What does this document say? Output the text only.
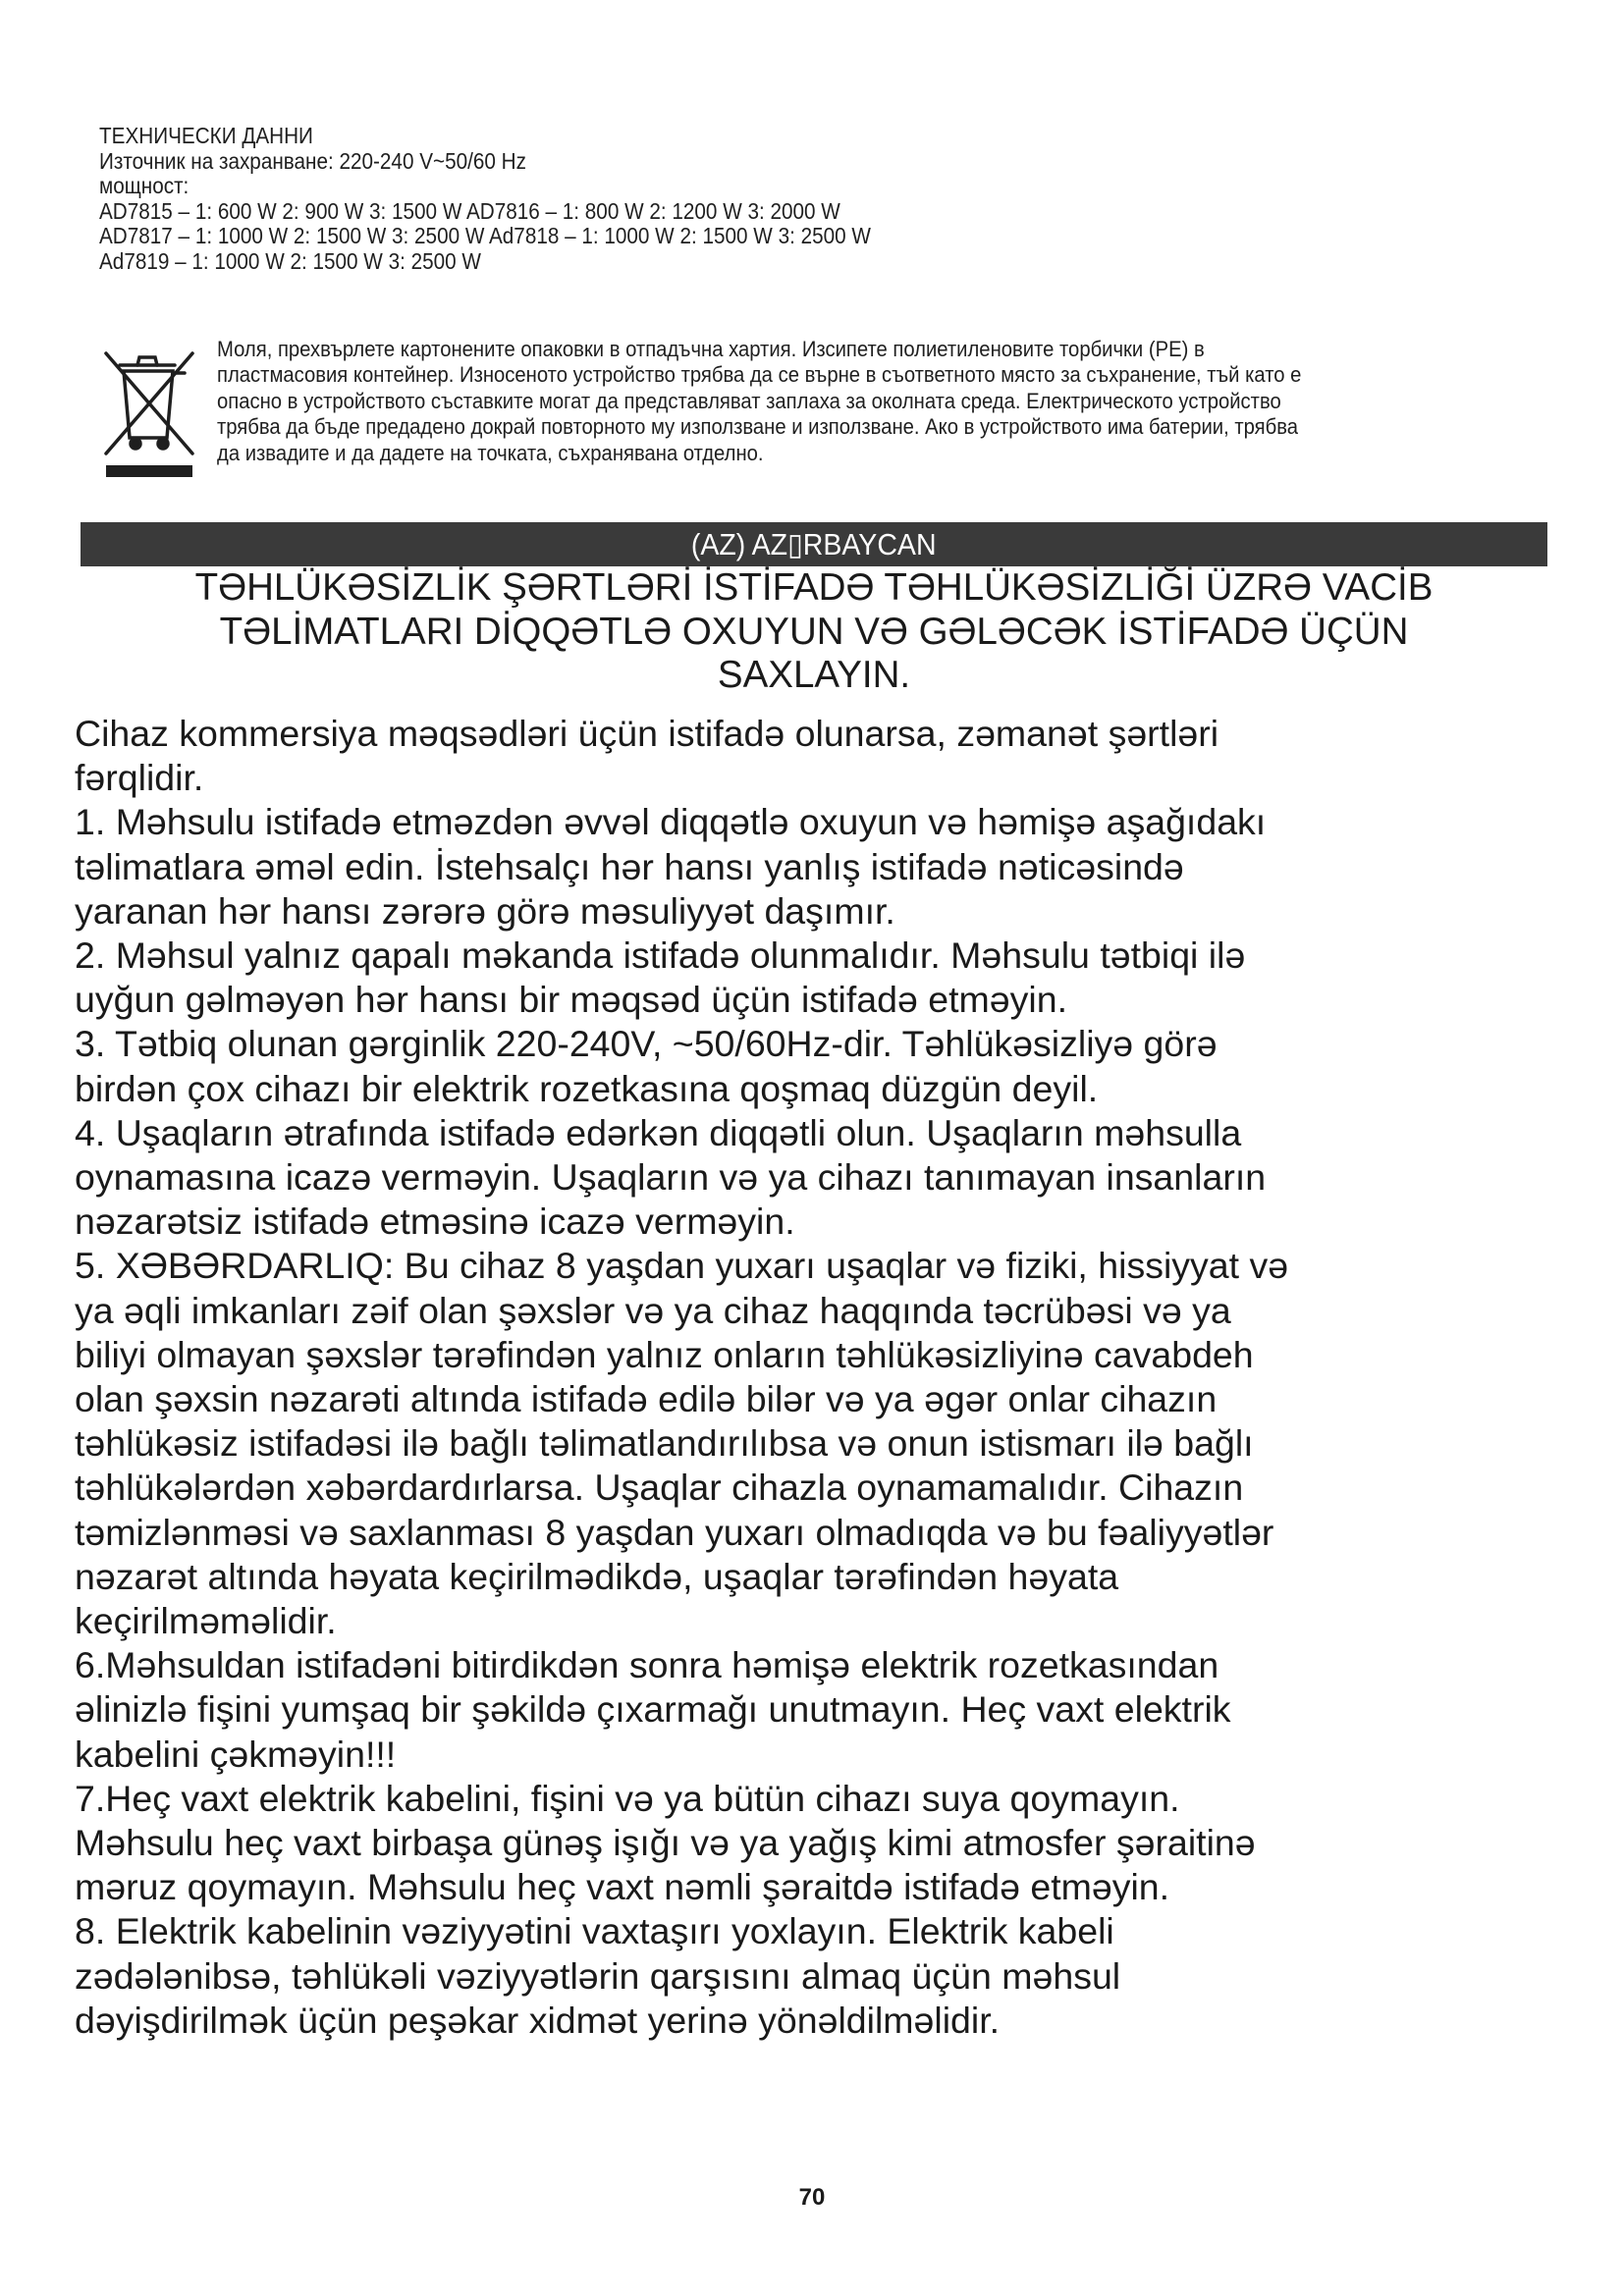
ТЕХНИЧЕСКИ ДАННИ
Източник на захранване: 220-240 V~50/60 Hz
мощност:
AD7815 – 1: 600 W 2: 900 W 3: 1500 W AD7816 – 1: 800 W 2: 1200 W 3: 2000 W
AD7817 – 1: 1000 W 2: 1500 W 3: 2500 W Ad7818 – 1: 1000 W 2: 1500 W 3: 2500 W
Ad7819 – 1: 1000 W 2: 1500 W 3: 2500 W
Моля, прехвърлете картонените опаковки в отпадъчна хартия. Изсипете полиетиленовите торбички (PE) в
пластмасовия контейнер. Износеното устройство трябва да се върне в съответното място за съхранение, тъй като е
опасно в устройството съставките могат да представляват заплаха за околната среда. Електрическото устройство
трябва да бъде предадено докрай повторното му използване и използване. Ако в устройството има батерии, трябва
да извадите и да дадете на точката, съхранявана отделно.
(AZ) AZ▯RBAYCAN
TƏHLÜKƏSİZLİK ŞƏRTLƏRİ İSTİFADƏ TƏHLÜKƏSİZLİĞİ ÜZRƏ VACİB
TƏLİMATLARI DİQQƏTLƏ OXUYUN VƏ GƏLƏCƏK İSTİFADƏ ÜÇÜN
SAXLAYIN.
Cihaz kommersiya məqsədləri üçün istifadə olunarsa, zəmanət şərtləri
fərqlidir.
1. Məhsulu istifadə etməzdən əvvəl diqqətlə oxuyun və həmişə aşağıdakı
təlimatlara əməl edin. İstehsalçı hər hansı yanlış istifadə nəticəsində
yaranan hər hansı zərərə görə məsuliyyət daşımır.
2. Məhsul yalnız qapalı məkanda istifadə olunmalıdır. Məhsulu tətbiqi ilə
uyğun gəlməyən hər hansı bir məqsəd üçün istifadə etməyin.
3. Tətbiq olunan gərginlik 220-240V, ~50/60Hz-dir. Təhlükəsizliyə görə
birdən çox cihazı bir elektrik rozetkasına qoşmaq düzgün deyil.
4. Uşaqların ətrafında istifadə edərkən diqqətli olun. Uşaqların məhsulla
oynamasına icazə verməyin. Uşaqların və ya cihazı tanımayan insanların
nəzarətsiz istifadə etməsinə icazə verməyin.
5. XƏBƏRDARLIQ: Bu cihaz 8 yaşdan yuxarı uşaqlar və fiziki, hissiyyat və
ya əqli imkanları zəif olan şəxslər və ya cihaz haqqında təcrübəsi və ya
biliyi olmayan şəxslər tərəfindən yalnız onların təhlükəsizliyinə cavabdeh
olan şəxsin nəzarəti altında istifadə edilə bilər və ya əgər onlar cihazın
təhlükəsiz istifadəsi ilə bağlı təlimatlandırılıbsa və onun istismarı ilə bağlı
təhlükələrdən xəbərdardırlarsa. Uşaqlar cihazla oynamamalıdır. Cihazın
təmizlənməsi və saxlanması 8 yaşdan yuxarı olmadıqda və bu fəaliyyətlər
nəzarət altında həyata keçirilmədikdə, uşaqlar tərəfindən həyata
keçirilməməlidir.
6.Məhsuldan istifadəni bitirdikdən sonra həmişə elektrik rozetkasından
əlinizlə fişini yumşaq bir şəkildə çıxarmağı unutmayın. Heç vaxt elektrik
kabelini çəkməyin!!!
7.Heç vaxt elektrik kabelini, fişini və ya bütün cihazı suya qoymayın.
Məhsulu heç vaxt birbaşa günəş işığı və ya yağış kimi atmosfer şəraitinə
məruz qoymayın. Məhsulu heç vaxt nəmli şəraitdə istifadə etməyin.
8. Elektrik kabelinin vəziyyətini vaxtaşırı yoxlayın. Elektrik kabeli
zədələnibsə, təhlükəli vəziyyətlərin qarşısını almaq üçün məhsul
dəyişdirilmək üçün peşəkar xidmət yerinə yönəldilməlidir.
70
